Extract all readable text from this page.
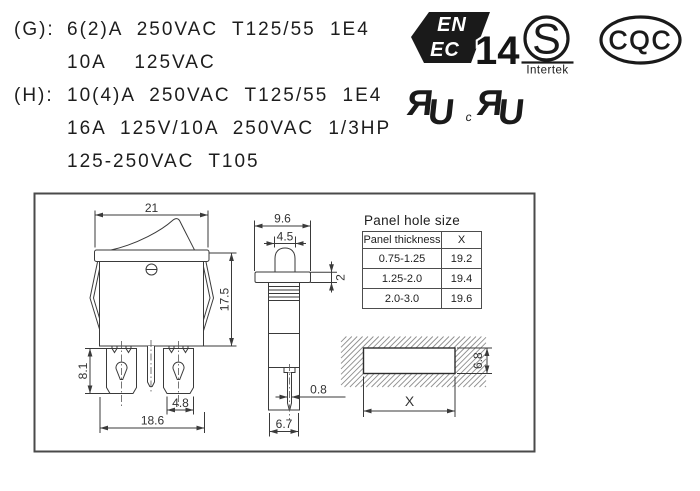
(G): 6(2)A 250VAC T125/55 1E4
10A  125VAC
(H): 10(4)A 250VAC T125/55 1E4
16A 125V/10A 250VAC 1/3HP
125-250VAC T105
EN
EC 14 S
Intertek
CQC
Я
U c Я
U
21
17.5
8.1
4.8
18.6
9.6
4.5
2
0.8
6.7
X
6.8
Panel hole size
Panel thickness	X
0.75-1.25	19.2
1.25-2.0	19.4
2.0-3.0	19.6
